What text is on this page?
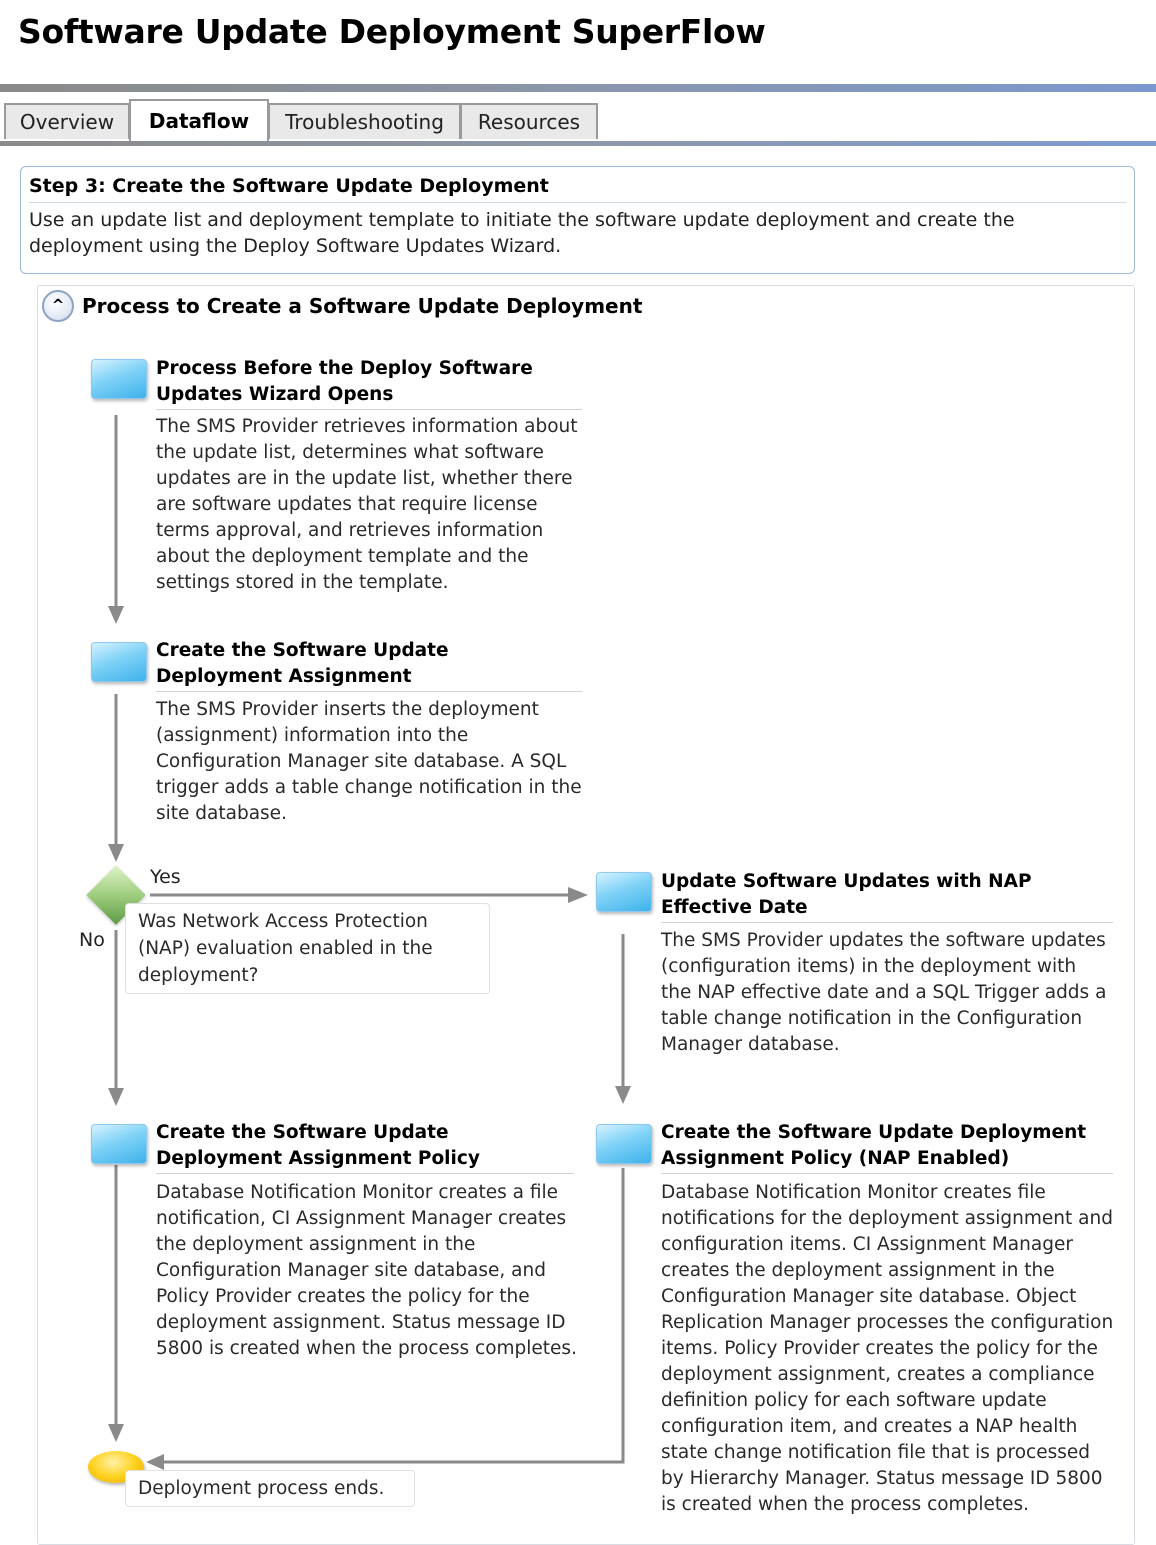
Software Update Deployment SuperFlow
Overview	Dataflow	Troubleshooting	Resources
Step 3: Create the Software Update Deployment
Use an update list and deployment template to initiate the software update deployment and create the deployment using the Deploy Software Updates Wizard.
^ Process to Create a Software Update Deployment
Process Before the Deploy Software Updates Wizard Opens
The SMS Provider retrieves information about the update list, determines what software updates are in the update list, whether there are software updates that require license terms approval, and retrieves information about the deployment template and the settings stored in the template.
Create the Software Update Deployment Assignment
The SMS Provider inserts the deployment (assignment) information into the Configuration Manager site database. A SQL trigger adds a table change notification in the site database.
Yes
No
Was Network Access Protection (NAP) evaluation enabled in the deployment?
Update Software Updates with NAP Effective Date
The SMS Provider updates the software updates (configuration items) in the deployment with the NAP effective date and a SQL Trigger adds a table change notification in the Configuration Manager database.
Create the Software Update Deployment Assignment Policy
Database Notification Monitor creates a file notification, CI Assignment Manager creates the deployment assignment in the Configuration Manager site database, and Policy Provider creates the policy for the deployment assignment. Status message ID 5800 is created when the process completes.
Create the Software Update Deployment Assignment Policy (NAP Enabled)
Database Notification Monitor creates file notifications for the deployment assignment and configuration items. CI Assignment Manager creates the deployment assignment in the Configuration Manager site database. Object Replication Manager processes the configuration items. Policy Provider creates the policy for the deployment assignment, creates a compliance definition policy for each software update configuration item, and creates a NAP health state change notification file that is processed by Hierarchy Manager. Status message ID 5800 is created when the process completes.
Deployment process ends.
